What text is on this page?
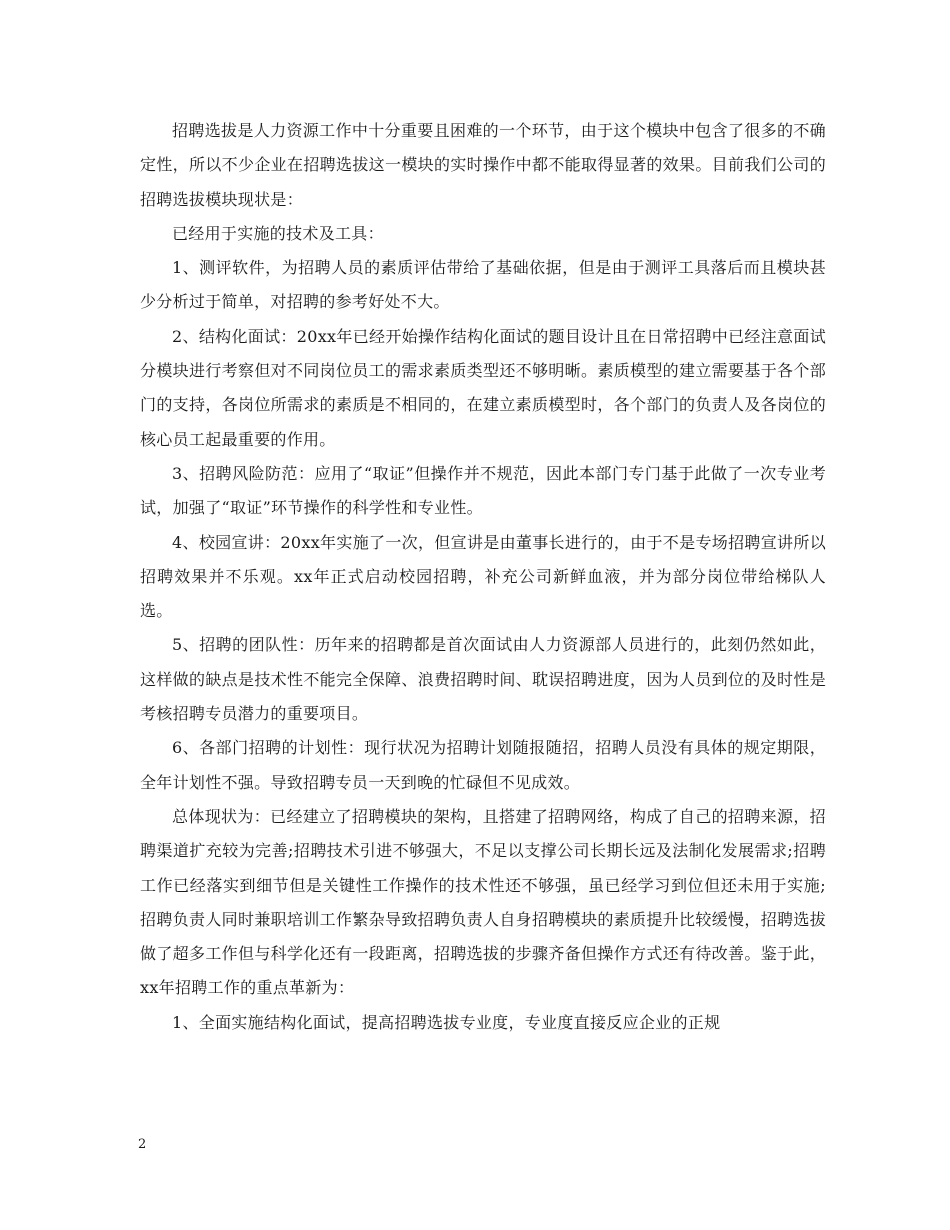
招聘选拔是人力资源工作中十分重要且困难的一个环节，由于这个模块中包含了很多的不确定性，所以不少企业在招聘选拔这一模块的实时操作中都不能取得显著的效果。目前我们公司的招聘选拔模块现状是：

已经用于实施的技术及工具：

1、测评软件，为招聘人员的素质评估带给了基础依据，但是由于测评工具落后而且模块甚少分析过于简单，对招聘的参考好处不大。

2、结构化面试：20xx年已经开始操作结构化面试的题目设计且在日常招聘中已经注意面试分模块进行考察但对不同岗位员工的需求素质类型还不够明晰。素质模型的建立需要基于各个部门的支持，各岗位所需求的素质是不相同的，在建立素质模型时，各个部门的负责人及各岗位的核心员工起最重要的作用。

3、招聘风险防范：应用了“取证”但操作并不规范，因此本部门专门基于此做了一次专业考试，加强了“取证”环节操作的科学性和专业性。

4、校园宣讲：20xx年实施了一次，但宣讲是由董事长进行的，由于不是专场招聘宣讲所以招聘效果并不乐观。xx年正式启动校园招聘，补充公司新鲜血液，并为部分岗位带给梯队人选。

5、招聘的团队性：历年来的招聘都是首次面试由人力资源部人员进行的，此刻仍然如此，这样做的缺点是技术性不能完全保障、浪费招聘时间、耽误招聘进度，因为人员到位的及时性是考核招聘专员潜力的重要项目。

6、各部门招聘的计划性：现行状况为招聘计划随报随招，招聘人员没有具体的规定期限，全年计划性不强。导致招聘专员一天到晚的忙碌但不见成效。

总体现状为：已经建立了招聘模块的架构，且搭建了招聘网络，构成了自己的招聘来源，招聘渠道扩充较为完善;招聘技术引进不够强大，不足以支撑公司长期长远及法制化发展需求;招聘工作已经落实到细节但是关键性工作操作的技术性还不够强，虽已经学习到位但还未用于实施;招聘负责人同时兼职培训工作繁杂导致招聘负责人自身招聘模块的素质提升比较缓慢，招聘选拔做了超多工作但与科学化还有一段距离，招聘选拔的步骤齐备但操作方式还有待改善。鉴于此，xx年招聘工作的重点革新为：

1、全面实施结构化面试，提高招聘选拔专业度，专业度直接反应企业的正规

2
